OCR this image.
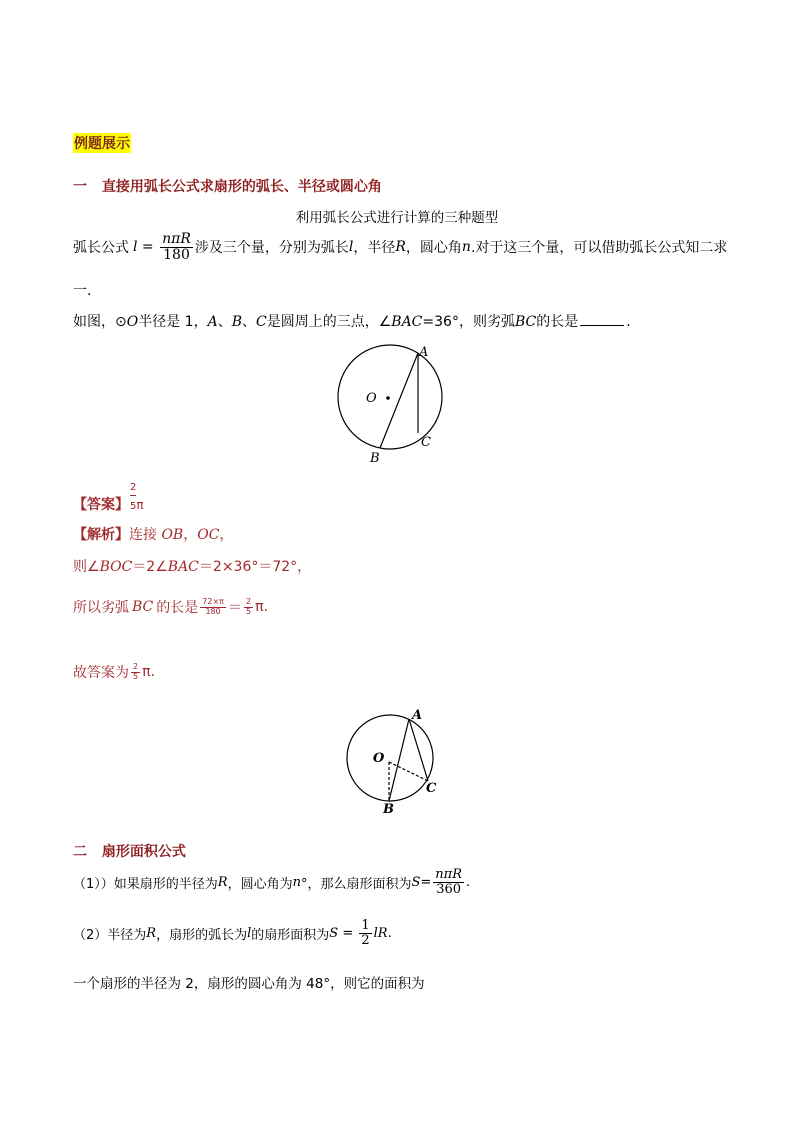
例题展示
一 直接用弧长公式求扇形的弧长、半径或圆心角
利用弧长公式进行计算的三种题型
弧长公式 $l = \frac{\text{nπR}}{180}$ 涉及三个量，分别为弧长 l ，半径 R ，圆心角 n .对于这三个量，可以借助弧长公式知二求
一.
如图，⊙O半径是 1，A、B、C是圆周上的三点，∠BAC=36°，则劣弧BC的长是	.
O
A
B
C
【答案】
2
5 π
【解析】连接 OB，OC，
则∠BOC＝2∠BAC＝2×36°＝72°，
所以劣弧 BC 的长是 $\frac{72\times\pi}{180} = \frac{2}{5} \pi$.
故答案为 $\frac{2}{5} \pi$.
O
A
B
C
二 扇形面积公式
（1））如果扇形的半径为 R ，圆心角为 n °，那么扇形面积为 $S = \frac{\text{nπR}}{360}$ .
（2）半径为 R ，扇形的弧长为 l 的扇形面积为 $S = \frac{1}{2}$ lR .
一个扇形的半径为 2，扇形的圆心角为 48°，则它的面积为
